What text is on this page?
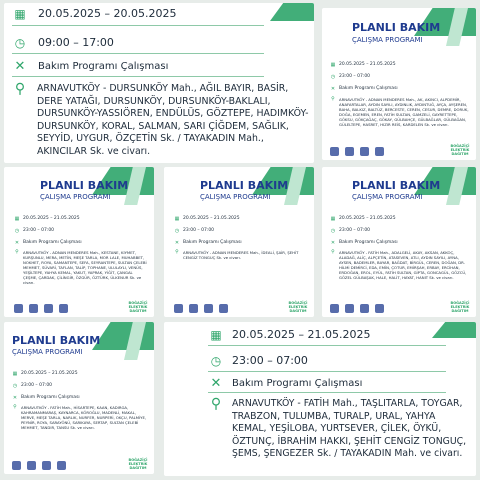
▦ 20.05.2025 – 20.05.2025
◷ 09:00 – 17:00
✕ Bakım Programı Çalışması
⚲	ARNAVUTKÖY - DURSUNKÖY Mah., AĞIL BAYIR, BASİR, DERE YATAĞI, DURSUNKÖY, DURSUNKÖY-BAKLALI, DURSUNKÖY-YASSIÖREN, ENDÜLÜS, GÖZTEPE, HADIMKÖY-DURSUNKÖY, KORAL, SALMAN, SARI ÇİĞDEM, SAĞLIK, SEYYİD, UYGUR, ÖZÇETİN Sk. / TAYAKADIN Mah., AKINCILAR Sk. ve civarı.
PLANLI BAKIM
ÇALIŞMA PROGRAMI
▦ 20.05.2025 – 21.05.2025
◷ 23:00 – 07:00
✕ Bakım Programı Çalışması
⚲	ARNAVUTKÖY - ADNAN MENDERES Mah., AK, AKINCI, ALPDEMİR, ANAFARTALAR, AYDIN SAYILI, AYDINLIK, AYDINTUĞ, AYÇA, AYŞEREN, BAHA, BALKIZ, BALTÜZ, BERCESTE, CEREN, CESUR, DEMRE, DORUK, DOĞA, EGEMEN, EREN, FATİH SULTAN, GAMZELİ, GAYRETTEPE, GÖKSU, GÖKÇAĞAÇ, GÖKAY, GÜLBAHÇE, GÜLBAĞLAR, GÜLBAĞAN, GÜLELTEPE, HASRET, HIZIR REİS, KARDELEN Sk. ve civarı.
BOĞAZİÇİ ELEKTRİK DAĞITIM
PLANLI BAKIM
ÇALIŞMA PROGRAMI
▦ 20.05.2025 – 21.05.2025
◷ 23:00 – 07:00
✕ Bakım Programı Çalışması
⚲	ARNAVUTKÖY - ADNAN MENDERES Mah., KESTANE, KIYMET, KURŞUNLU, MERA, METİN, MEŞE TARLA, MOR LALE, MUHABBET, NOKHET, ROYA, SAMANTEPE, SEFA, SEYRANTEPE, SULTAN ÇELEBİ MEHMET, SÜVARİ, TAFLAN, TALİP, TOPHANE, ULULAYLI, VENÜS, YEŞİLTEPE, YAHYA KEMAL, YAKUT, YAPRAK, YİĞİT, ÇANGAL ÇEŞME, ÇARDAK, ÇİLİNGİR, ÖZGÜR, ÖZTÜRK, ÜLKENUR Sk. ve civarı.
BOĞAZİÇİ ELEKTRİK DAĞITIM
PLANLI BAKIM
ÇALIŞMA PROGRAMI
▦ 20.05.2025 – 21.05.2025
◷ 23:00 – 07:00
✕ Bakım Programı Çalışması
⚲	ARNAVUTKÖY - ADNAN MENDERES Mah., İDEALİ, ŞAİR, ŞEHİT CENGİZ TONGUÇ Sk. ve civarı.
BOĞAZİÇİ ELEKTRİK DAĞITIM
PLANLI BAKIM
ÇALIŞMA PROGRAMI
▦ 20.05.2025 – 21.05.2025
◷ 23:00 – 07:00
✕ Bakım Programı Çalışması
⚲	ARNAVUTKÖY - FATİH Mah., ADALGELİ, AKAY, AKSAN, AKKOÇ, ALADAĞ, ALİÇ, ALPÇETİN, ATASEVEN, ATLI, AYDIN SAYILI, AYNA, AYSEN, BADEMLER, BAYAR, BAĞDAT, BİRGÜL, CEREN, DOĞAN, DR. HİLMİ DEMİRCİ, EDA, EMİN, ÇOTUR, EMİRŞAH, ERBAY, ERCİHAN, ERDOĞAN, EROL, EYÜL, FATİH SULTAN, GİPTA, GONCAGÜL, GÖZCÜ, GÖZEL GÜLBAŞAK, HALE, HALİT, HAYAT, HANIT Sk. ve civarı.
BOĞAZİÇİ ELEKTRİK DAĞITIM
PLANLI BAKIM
ÇALIŞMA PROGRAMI
▦ 20.05.2025 – 21.05.2025
◷ 23:00 – 07:00
✕ Bakım Programı Çalışması
⚲	ARNAVUTKÖY - FATİH Mah., HİSARTEPE, KAAN, KADIRGA, KAHRAMANMARAŞ, KAYNARCA, KÖROĞLU, MADENLİ, MAKAL, MERVE, MEŞE TARLA, NARLIK, NURFER, NURPERİ, OKÇU, PALMİYE, PEYNİR, ROYA, SARAYÖNÜ, SARIKAYA, SERTAP, SULTAN ÇELEBİ MEHMET, TANDIR, TANSU Sk. ve civarı.
BOĞAZİÇİ ELEKTRİK DAĞITIM
▦ 20.05.2025 – 21.05.2025
◷ 23:00 – 07:00
✕ Bakım Programı Çalışması
⚲	ARNAVUTKÖY - FATİH Mah., TAŞLITARLA, TOYGAR, TRABZON, TULUMBA, TURALP, URAL, YAHYA KEMAL, YEŞİLOBA, YURTSEVER, ÇİLEK, ÖYKÜ, ÖZTUNÇ, İBRAHİM HAKKI, ŞEHİT CENGİZ TONGUÇ, ŞEMS, ŞENGEZER Sk. / TAYAKADIN Mah. ve civarı.
